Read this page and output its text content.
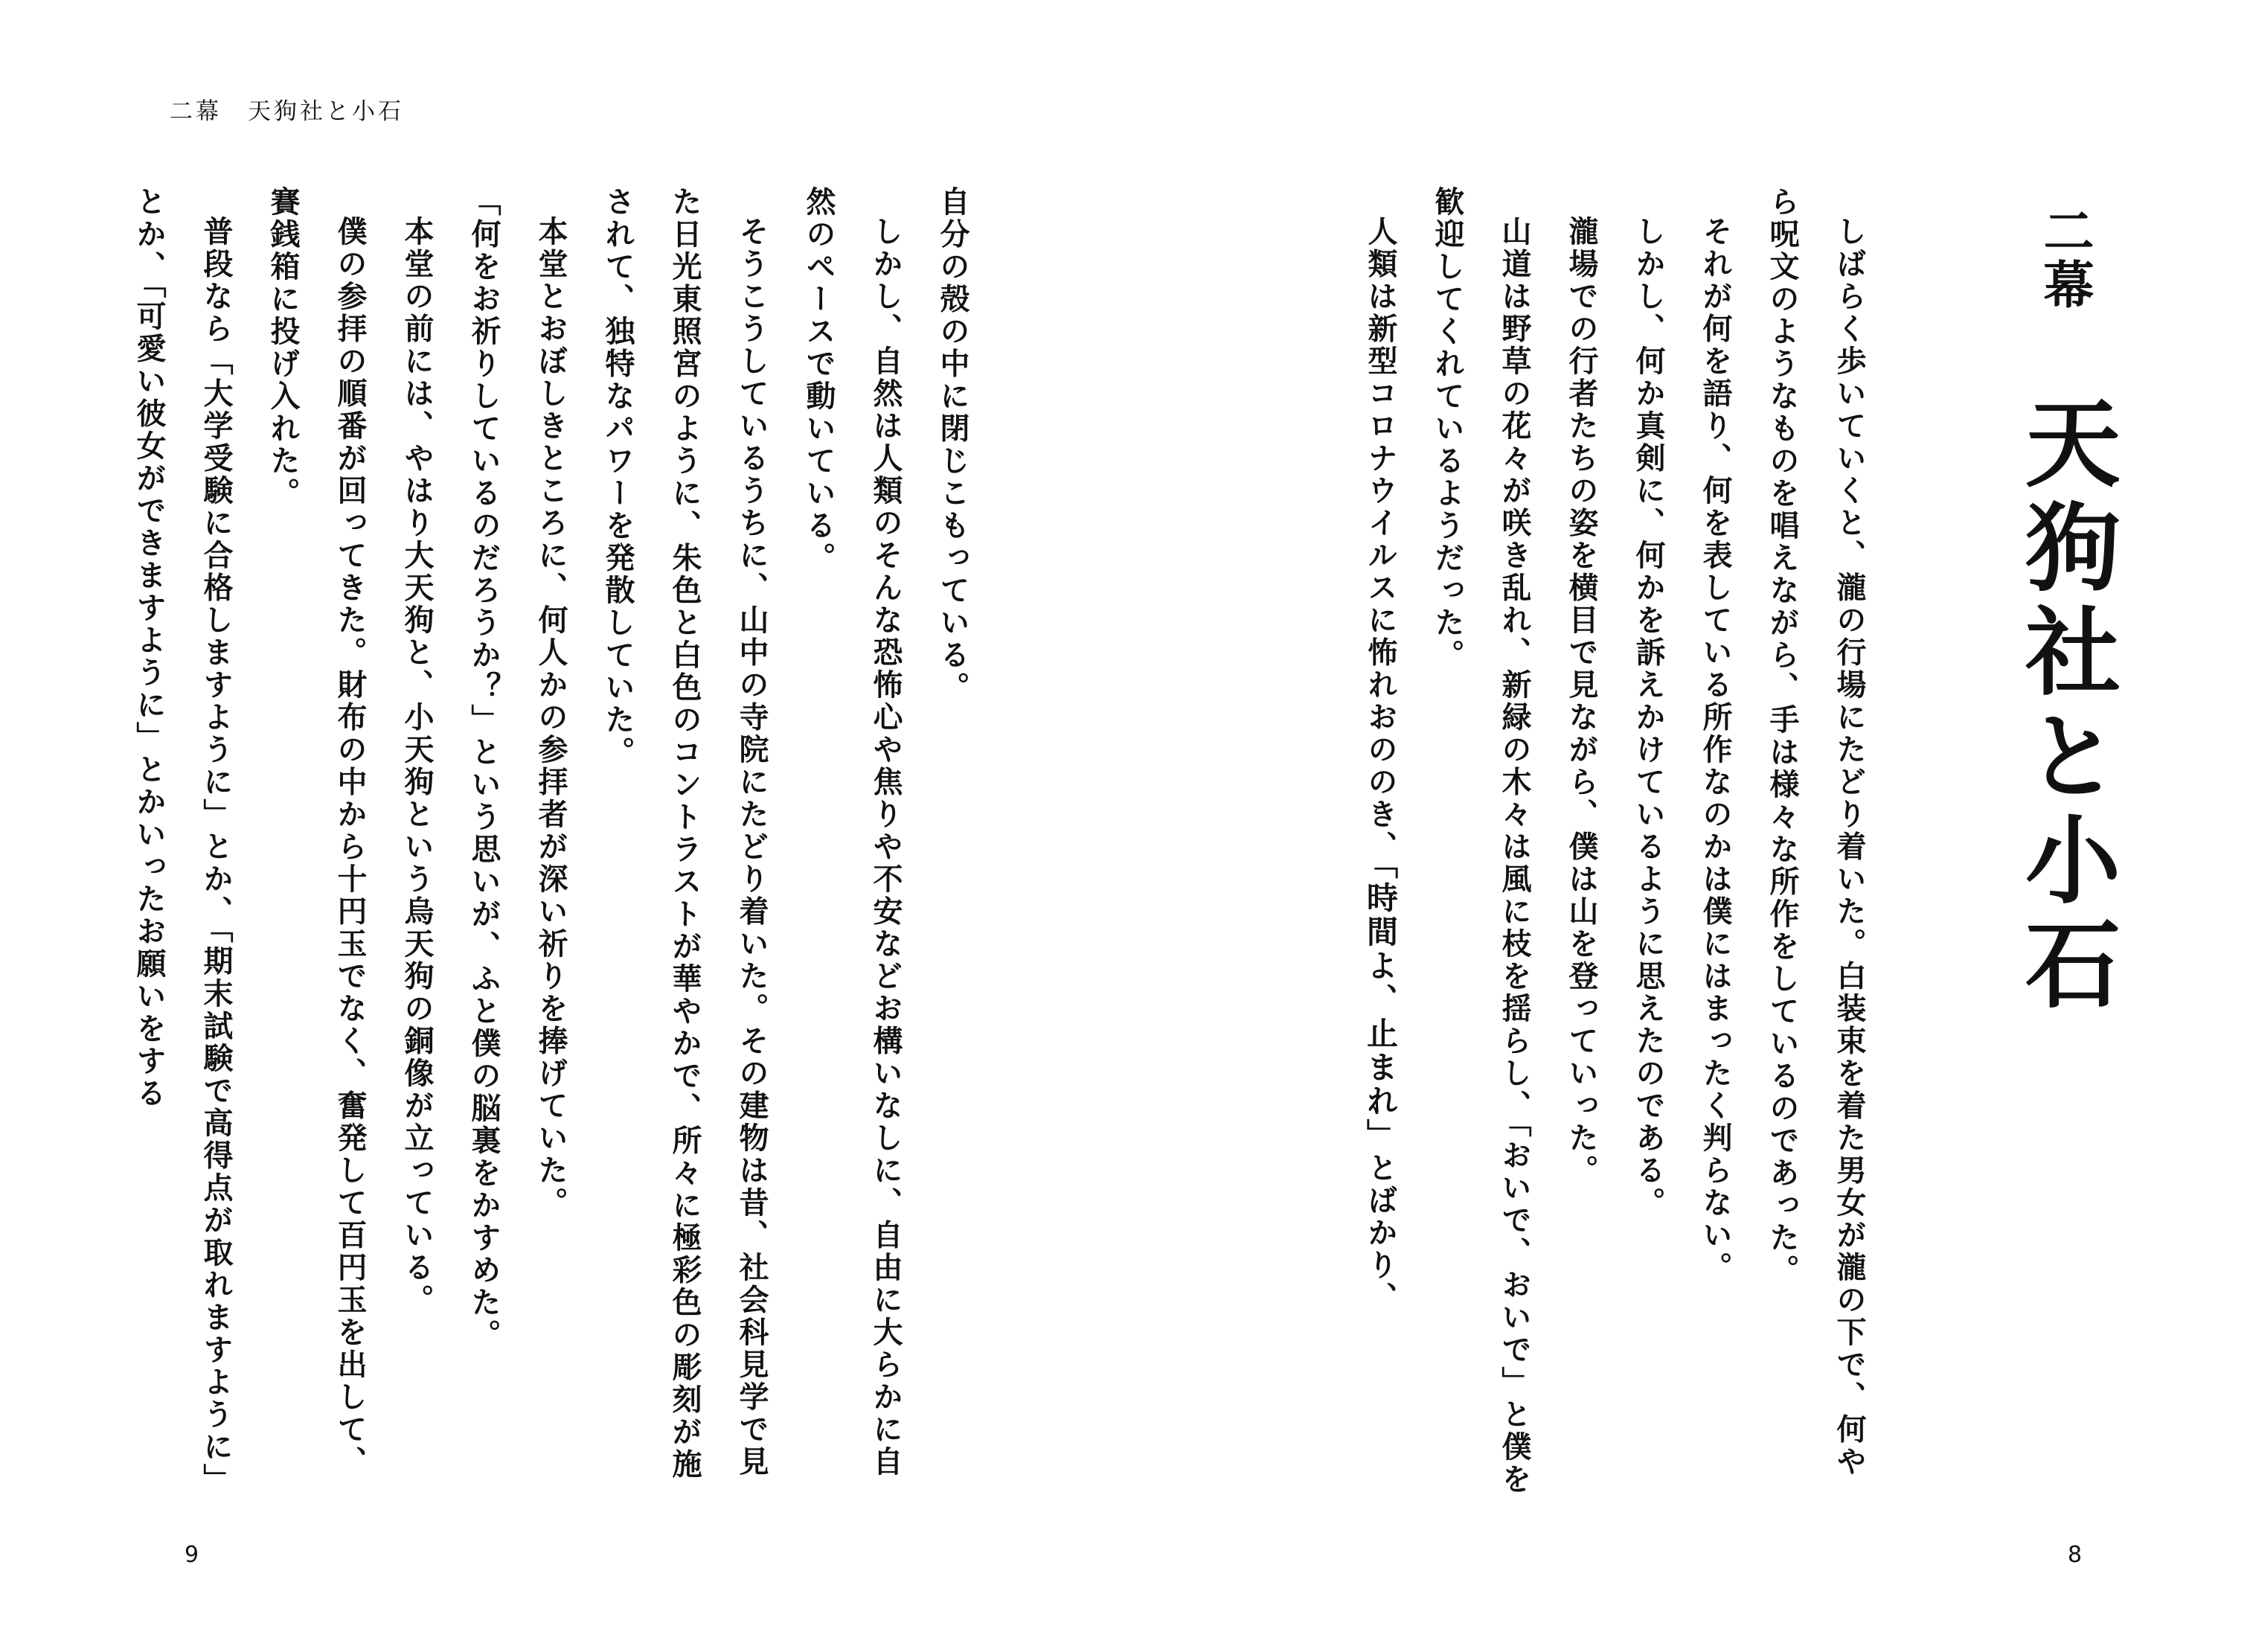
二幕　天狗社と小石

自分の殻の中に閉じこもっている。

しかし、自然は人類のそんな恐怖心や焦りや不安などお構いなしに、自由に大らかに自然のペースで動いている。

そうこうしているうちに、山中の寺院にたどり着いた。その建物は昔、社会科見学で見た日光東照宮のように、朱色と白色のコントラストが華やかで、所々に極彩色の彫刻が施されて、独特なパワーを発散していた。

本堂とおぼしきところに、何人かの参拝者が深い祈りを捧げていた。

「何をお祈りしているのだろうか？」という思いが、ふと僕の脳裏をかすめた。

本堂の前には、やはり大天狗と、小天狗という烏天狗の銅像が立っている。

僕の参拝の順番が回ってきた。財布の中から十円玉でなく、奮発して百円玉を出して、賽銭箱に投げ入れた。

普段なら「大学受験に合格しますように」とか、「期末試験で高得点が取れますように」とか、「可愛い彼女ができますように」とかいったお願いをする

9
二幕天狗社と小石

しばらく歩いていくと、瀧の行場にたどり着いた。白装束を着た男女が瀧の下で、何やら呪文のようなものを唱えながら、手は様々な所作をしているのであった。

それが何を語り、何を表している所作なのかは僕にはまったく判らない。

しかし、何か真剣に、何かを訴えかけているように思えたのである。

瀧場での行者たちの姿を横目で見ながら、僕は山を登っていった。

山道は野草の花々が咲き乱れ、新緑の木々は風に枝を揺らし、「おいで、おいで」と僕を歓迎してくれているようだった。

人類は新型コロナウイルスに怖れおののき、「時間よ、止まれ」とばかり、

8
